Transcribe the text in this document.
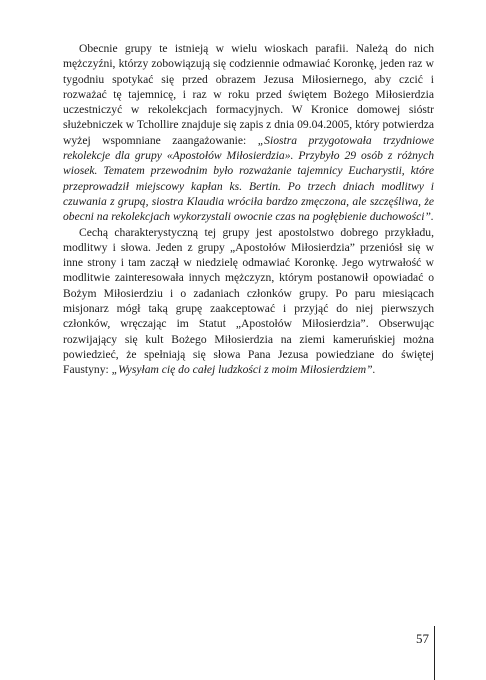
Obecnie grupy te istnieją w wielu wioskach parafii. Należą do nich mężczyźni, którzy zobowiązują się codziennie odmawiać Koronkę, jeden raz w tygodniu spotykać się przed obrazem Jezusa Miłosiernego, aby czcić i rozważać tę tajemnicę, i raz w roku przed świętem Bożego Miłosierdzia uczestniczyć w rekolekcjach formacyjnych. W Kronice domowej sióstr służebniczek w Tchollire znajduje się zapis z dnia 09.04.2005, który potwierdza wyżej wspomniane zaangażowanie: „Siostra przygotowała trzydniowe rekolekcje dla grupy «Apostołów Miłosierdzia». Przybyło 29 osób z różnych wiosek. Tematem przewodnim było rozważanie tajemnicy Eucharystii, które przeprowadził miejscowy kapłan ks. Bertin. Po trzech dniach modlitwy i czuwania z grupą, siostra Klaudia wróciła bardzo zmęczona, ale szczęśliwa, że obecni na rekolekcjach wykorzystali owocnie czas na pogłębienie duchowości”.

Cechą charakterystyczną tej grupy jest apostolstwo dobrego przykładu, modlitwy i słowa. Jeden z grupy „Apostołów Miłosierdzia” przeniósł się w inne strony i tam zaczął w niedzielę odmawiać Koronkę. Jego wytrwałość w modlitwie zainteresowała innych mężczyzn, którym postanowił opowiadać o Bożym Miłosierdziu i o zadaniach członków grupy. Po paru miesiącach misjonarz mógł taką grupę zaakceptować i przyjąć do niej pierwszych członków, wręczając im Statut „Apostołów Miłosierdzia”. Obserwując rozwijający się kult Bożego Miłosierdzia na ziemi kameruńskiej można powiedzieć, że spełniają się słowa Pana Jezusa powiedziane do świętej Faustyny: „Wysyłam cię do całej ludzkości z moim Miłosierdziem”.

57
